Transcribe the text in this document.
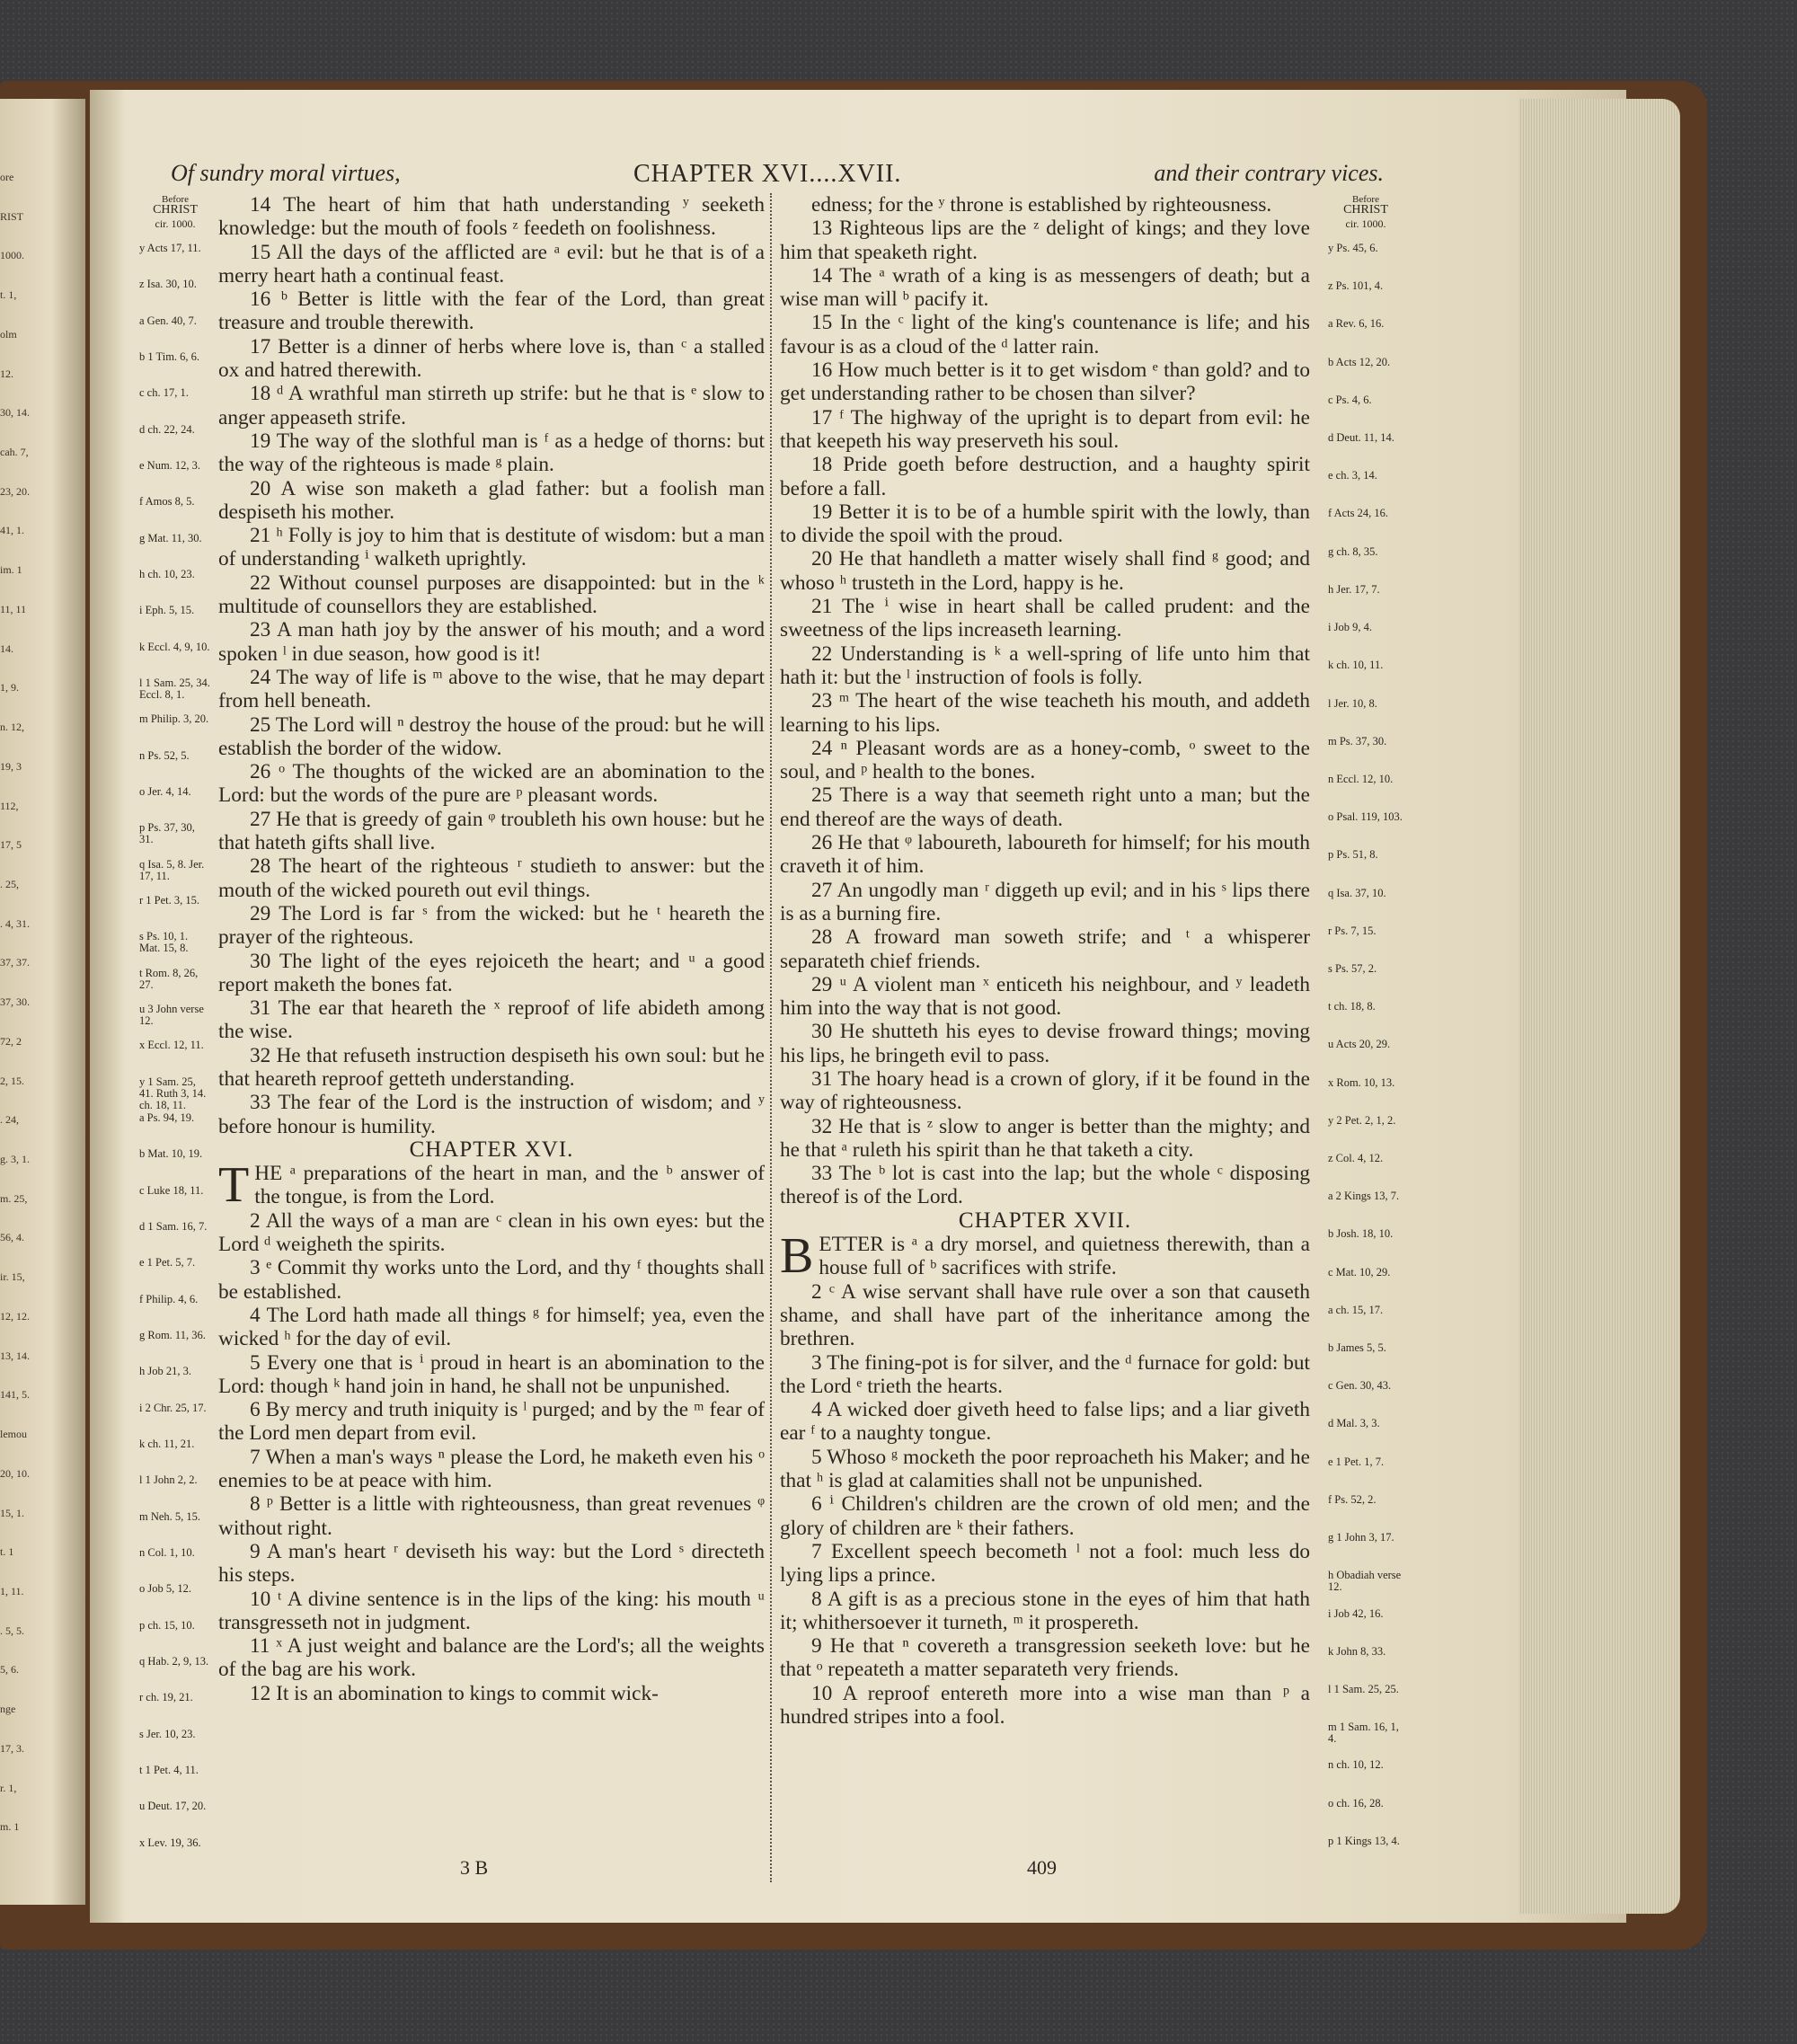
ore
RIST
1000.
t. 1,
olm
12.
30, 14.
cah. 7,
23, 20.
41, 1.
im. 1
11, 11
14.
1, 9.
n. 12,
19, 3
112,
17, 5
. 25,
. 4, 31.
37, 37.
37, 30.
72, 2
2, 15.
. 24,
g. 3, 1.
m. 25,
56, 4.
ir. 15,
12, 12.
13, 14.
141, 5.
lemou
20, 10.
15, 1.
t. 1
1, 11.
. 5, 5.
5, 6.
nge
17, 3.
r. 1,
m. 1
Of sundry moral virtues,	CHAPTER XVI....XVII.	and their contrary vices.
Before
CHRIST
cir. 1000.
y Acts 17, 11.
z Isa. 30, 10.
a Gen. 40, 7.
b 1 Tim. 6, 6.
c ch. 17, 1.
d ch. 22, 24.
e Num. 12, 3.
f Amos 8, 5.
g Mat. 11, 30.
h ch. 10, 23.
i Eph. 5, 15.
k Eccl. 4, 9, 10.
l 1 Sam. 25, 34. Eccl. 8, 1.
m Philip. 3, 20.
n Ps. 52, 5.
o Jer. 4, 14.
p Ps. 37, 30, 31.
q Isa. 5, 8. Jer. 17, 11.
r 1 Pet. 3, 15.
s Ps. 10, 1. Mat. 15, 8.
t Rom. 8, 26, 27.
u 3 John verse 12.
x Eccl. 12, 11.
y 1 Sam. 25, 41. Ruth 3, 14. ch. 18, 11.
a Ps. 94, 19.
b Mat. 10, 19.
c Luke 18, 11.
d 1 Sam. 16, 7.
e 1 Pet. 5, 7.
f Philip. 4, 6.
g Rom. 11, 36.
h Job 21, 3.
i 2 Chr. 25, 17.
k ch. 11, 21.
l 1 John 2, 2.
m Neh. 5, 15.
n Col. 1, 10.
o Job 5, 12.
p ch. 15, 10.
q Hab. 2, 9, 13.
r ch. 19, 21.
s Jer. 10, 23.
t 1 Pet. 4, 11.
u Deut. 17, 20.
x Lev. 19, 36.

14 The heart of him that hath understanding ʸ seeketh knowledge: but the mouth of fools ᶻ feedeth on foolishness.

15 All the days of the afflicted are ᵃ evil: but he that is of a merry heart hath a continual feast.

16 ᵇ Better is little with the fear of the Lord, than great treasure and trouble therewith.

17 Better is a dinner of herbs where love is, than ᶜ a stalled ox and hatred therewith.

18 ᵈ A wrathful man stirreth up strife: but he that is ᵉ slow to anger appeaseth strife.

19 The way of the slothful man is ᶠ as a hedge of thorns: but the way of the righteous is made ᵍ plain.

20 A wise son maketh a glad father: but a foolish man despiseth his mother.

21 ʰ Folly is joy to him that is destitute of wisdom: but a man of understanding ⁱ walketh uprightly.

22 Without counsel purposes are disappointed: but in the ᵏ multitude of counsellors they are established.

23 A man hath joy by the answer of his mouth; and a word spoken ˡ in due season, how good is it!

24 The way of life is ᵐ above to the wise, that he may depart from hell beneath.

25 The Lord will ⁿ destroy the house of the proud: but he will establish the border of the widow.

26 ᵒ The thoughts of the wicked are an abomination to the Lord: but the words of the pure are ᵖ pleasant words.

27 He that is greedy of gain ᵠ troubleth his own house: but he that hateth gifts shall live.

28 The heart of the righteous ʳ studieth to answer: but the mouth of the wicked poureth out evil things.

29 The Lord is far ˢ from the wicked: but he ᵗ heareth the prayer of the righteous.

30 The light of the eyes rejoiceth the heart; and ᵘ a good report maketh the bones fat.

31 The ear that heareth the ˣ reproof of life abideth among the wise.

32 He that refuseth instruction despiseth his own soul: but he that heareth reproof getteth understanding.

33 The fear of the Lord is the instruction of wisdom; and ʸ before honour is humility.

CHAPTER XVI.

THE ᵃ preparations of the heart in man, and the ᵇ answer of the tongue, is from the Lord.

2 All the ways of a man are ᶜ clean in his own eyes: but the Lord ᵈ weigheth the spirits.

3 ᵉ Commit thy works unto the Lord, and thy ᶠ thoughts shall be established.

4 The Lord hath made all things ᵍ for himself; yea, even the wicked ʰ for the day of evil.

5 Every one that is ⁱ proud in heart is an abomination to the Lord: though ᵏ hand join in hand, he shall not be unpunished.

6 By mercy and truth iniquity is ˡ purged; and by the ᵐ fear of the Lord men depart from evil.

7 When a man's ways ⁿ please the Lord, he maketh even his ᵒ enemies to be at peace with him.

8 ᵖ Better is a little with righteousness, than great revenues ᵠ without right.

9 A man's heart ʳ deviseth his way: but the Lord ˢ directeth his steps.

10 ᵗ A divine sentence is in the lips of the king: his mouth ᵘ transgresseth not in judgment.

11 ˣ A just weight and balance are the Lord's; all the weights of the bag are his work.

12 It is an abomination to kings to commit wick-

edness; for the ʸ throne is established by righteousness.

13 Righteous lips are the ᶻ delight of kings; and they love him that speaketh right.

14 The ᵃ wrath of a king is as messengers of death; but a wise man will ᵇ pacify it.

15 In the ᶜ light of the king's countenance is life; and his favour is as a cloud of the ᵈ latter rain.

16 How much better is it to get wisdom ᵉ than gold? and to get understanding rather to be chosen than silver?

17 ᶠ The highway of the upright is to depart from evil: he that keepeth his way preserveth his soul.

18 Pride goeth before destruction, and a haughty spirit before a fall.

19 Better it is to be of a humble spirit with the lowly, than to divide the spoil with the proud.

20 He that handleth a matter wisely shall find ᵍ good; and whoso ʰ trusteth in the Lord, happy is he.

21 The ⁱ wise in heart shall be called prudent: and the sweetness of the lips increaseth learning.

22 Understanding is ᵏ a well-spring of life unto him that hath it: but the ˡ instruction of fools is folly.

23 ᵐ The heart of the wise teacheth his mouth, and addeth learning to his lips.

24 ⁿ Pleasant words are as a honey-comb, ᵒ sweet to the soul, and ᵖ health to the bones.

25 There is a way that seemeth right unto a man; but the end thereof are the ways of death.

26 He that ᵠ laboureth, laboureth for himself; for his mouth craveth it of him.

27 An ungodly man ʳ diggeth up evil; and in his ˢ lips there is as a burning fire.

28 A froward man soweth strife; and ᵗ a whisperer separateth chief friends.

29 ᵘ A violent man ˣ enticeth his neighbour, and ʸ leadeth him into the way that is not good.

30 He shutteth his eyes to devise froward things; moving his lips, he bringeth evil to pass.

31 The hoary head is a crown of glory, if it be found in the way of righteousness.

32 He that is ᶻ slow to anger is better than the mighty; and he that ᵃ ruleth his spirit than he that taketh a city.

33 The ᵇ lot is cast into the lap; but the whole ᶜ disposing thereof is of the Lord.

CHAPTER XVII.

BETTER is ᵃ a dry morsel, and quietness therewith, than a house full of ᵇ sacrifices with strife.

2 ᶜ A wise servant shall have rule over a son that causeth shame, and shall have part of the inheritance among the brethren.

3 The fining-pot is for silver, and the ᵈ furnace for gold: but the Lord ᵉ trieth the hearts.

4 A wicked doer giveth heed to false lips; and a liar giveth ear ᶠ to a naughty tongue.

5 Whoso ᵍ mocketh the poor reproacheth his Maker; and he that ʰ is glad at calamities shall not be unpunished.

6 ⁱ Children's children are the crown of old men; and the glory of children are ᵏ their fathers.

7 Excellent speech becometh ˡ not a fool: much less do lying lips a prince.

8 A gift is as a precious stone in the eyes of him that hath it; whithersoever it turneth, ᵐ it prospereth.

9 He that ⁿ covereth a transgression seeketh love: but he that ᵒ repeateth a matter separateth very friends.

10 A reproof entereth more into a wise man than ᵖ a hundred stripes into a fool.

Before
CHRIST
cir. 1000.
y Ps. 45, 6.
z Ps. 101, 4.
a Rev. 6, 16.
b Acts 12, 20.
c Ps. 4, 6.
d Deut. 11, 14.
e ch. 3, 14.
f Acts 24, 16.
g ch. 8, 35.
h Jer. 17, 7.
i Job 9, 4.
k ch. 10, 11.
l Jer. 10, 8.
m Ps. 37, 30.
n Eccl. 12, 10.
o Psal. 119, 103.
p Ps. 51, 8.
q Isa. 37, 10.
r Ps. 7, 15.
s Ps. 57, 2.
t ch. 18, 8.
u Acts 20, 29.
x Rom. 10, 13.
y 2 Pet. 2, 1, 2.
z Col. 4, 12.
a 2 Kings 13, 7.
b Josh. 18, 10.
c Mat. 10, 29.
a ch. 15, 17.
b James 5, 5.
c Gen. 30, 43.
d Mal. 3, 3.
e 1 Pet. 1, 7.
f Ps. 52, 2.
g 1 John 3, 17.
h Obadiah verse 12.
i Job 42, 16.
k John 8, 33.
l 1 Sam. 25, 25.
m 1 Sam. 16, 1, 4.
n ch. 10, 12.
o ch. 16, 28.
p 1 Kings 13, 4.
3 B	409
